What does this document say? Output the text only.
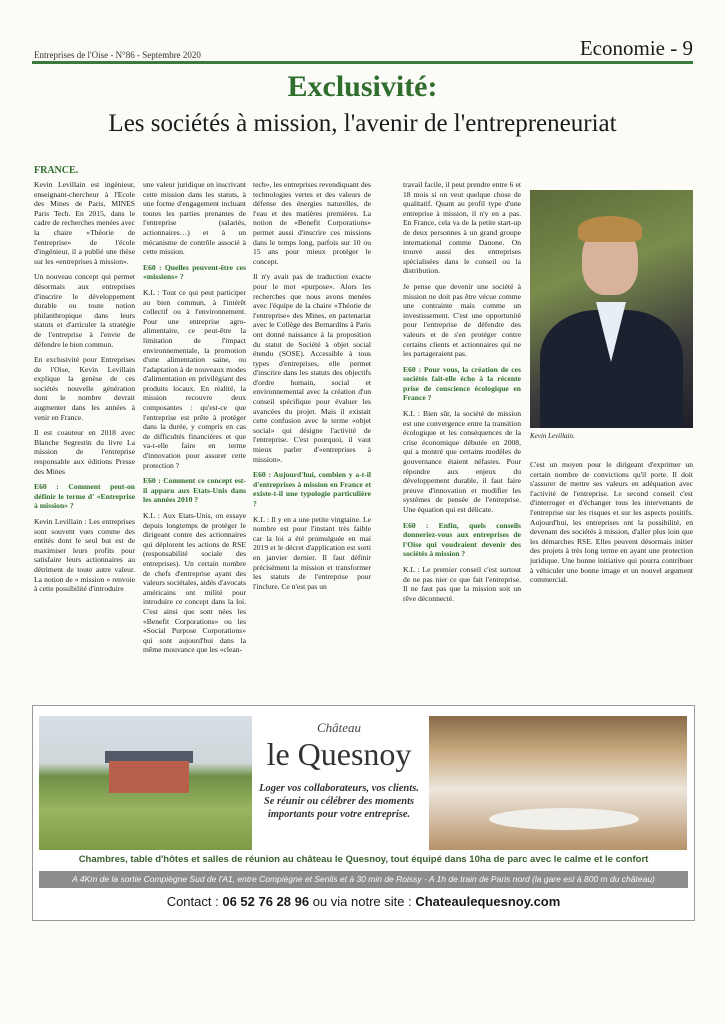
Entreprises de l'Oise - N°86 - Septembre 2020	Economie - 9
Exclusivité:
Les sociétés à mission, l'avenir de l'entrepreneuriat
FRANCE.

Kevin Levillain est ingénieur, enseignant-chercheur à l'Ecole des Mines de Paris, MINES Paris Tech. En 2015, dans le cadre de recherches menées avec la chaire «Théorie de l'entreprise» de l'école d'ingénieur, il a publié une thèse sur les «entreprises à mission».

Un nouveau concept qui permet désormais aux entreprises d'inscrire le développement durable ou toute notion philanthropique dans leurs statuts et d'articuler la stratégie de l'entreprise à l'envie de défendre le bien commun.

En exclusivité pour Entreprises de l'Oise, Kevin Levillain explique la genèse de ces sociétés nouvelle génération dont le nombre devrait augmenter dans les années à venir en France.

Il est coauteur en 2018 avec Blanche Segrestin du livre La mission de l'entreprise responsable aux éditions Presse des Mines

E60 : Comment peut-on définir le terme d' «Entreprise à mission» ?

Kevin Levillain : Les entreprises sont souvent vues comme des entités dont le seul but est de maximiser leurs profits pour satisfaire leurs actionnaires au détriment de toute autre valeur. La notion de « mission » renvoie à cette possibilité d'introduire

une valeur juridique en inscrivant cette mission dans les statuts, à une forme d'engagement incluant toutes les parties prenantes de l'entreprise (salariés, actionnaires…) et à un mécanisme de contrôle associé à cette mission.

E60 : Quelles peuvent-être ces «missions» ?

K.L : Tout ce qui peut participer au bien commun, à l'intérêt collectif ou à l'environnement. Pour une entreprise agro-alimentaire, ce peut-être la limitation de l'impact environnementale, la promotion d'une alimentation saine, ou l'adaptation à de nouveaux modes d'alimentation en privilégiant des produits locaux. En réalité, la mission recouvre deux composantes : qu'est-ce que l'entreprise est prête à protéger dans la durée, y compris en cas de difficultés financières et que va-t-elle faire en terme d'innovation pour assurer cette protection ?

E60 : Comment ce concept est-il apparu aux Etats-Unis dans les années 2010 ?

K.L : Aux Etats-Unis, on essaye depuis longtemps de protéger le dirigeant contre des actionnaires qui déplorent les actions de RSE (responsabilité sociale des entreprises). Un certain nombre de chefs d'entreprise ayant des valeurs sociétales, aidés d'avocats américains ont milité pour introduire ce concept dans la loi. C'est ainsi que sont nées les «Benefit Corporations» ou les «Social Purpose Corporations» qui sont aujourd'hui dans la même mouvance que les «clean-

tech», les entreprises revendiquant des technologies vertes et des valeurs de défense des énergies naturelles, de l'eau et des matières premières. La notion de «Benefit Corporations» permet aussi d'inscrire ces missions dans le temps long, parfois sur 10 ou 15 ans pour mieux protéger le concept.

Il n'y avait pas de traduction exacte pour le mot «purpose». Alors les recherches que nous avons menées avec l'équipe de la chaire «Théorie de l'entreprise» des Mines, en partenariat avec le Collège des Bernardins à Paris ont donné naissance à la proposition du statut de Société à objet social étendu (SOSE). Accessible à tous types d'entreprises, elle permet d'inscrire dans les statuts des objectifs d'ordre humain, social et environnemental avec la création d'un conseil spécifique pour évaluer les avancées du projet. Mais il existait cette confusion avec le terme «objet social» qui désigne l'activité de l'entreprise. C'est pourquoi, il vaut mieux parler d'«entreprises à mission».

E60 : Aujourd'hui, combien y a-t-il d'entreprises à mission en France et existe-t-il une typologie particulière ?

K.L : Il y en a une petite vingtaine. Le nombre est pour l'instant très faible car la loi a été promulguée en mai 2019 et le décret d'application est sorti en janvier dernier. Il faut définir précisément la mission et transformer les statuts de l'entreprise pour l'inclure. Ce n'est pas un

travail facile, il peut prendre entre 6 et 18 mois si on veut quelque chose de qualitatif. Quant au profil type d'une entreprise à mission, il n'y en a pas. En France, cela va de la petite start-up de deux personnes à un grand groupe international comme Danone. On trouve aussi des entreprises spécialisées dans le conseil ou la distribution.

Je pense que devenir une société à mission ne doit pas être vécue comme une contrainte mais comme un investissement. C'est une opportunité pour l'entreprise de défendre des valeurs et de s'en protéger contre certains clients et actionnaires qui ne les partageraient pas.

E60 : Pour vous, la création de ces sociétés fait-elle écho à la récente prise de conscience écologique en France ?

K.L : Bien sûr, la société de mission est une convergence entre la transition écologique et les conséquences de la crise économique débutée en 2008, qui a montré que certains modèles de gouvernance étaient néfastes. Pour répondre aux enjeux du développement durable, il faut faire preuve d'innovation et modifier les systèmes de pensée de l'entreprise. Une équation qui est délicate.

E60 : Enfin, quels conseils donneriez-vous aux entreprises de l'Oise qui voudraient devenir des sociétés à mission ?

K.L : Le premier conseil c'est surtout de ne pas nier ce que fait l'entreprise. Il ne faut pas que la mission soit un rêve déconnecté.

Kevin Levillain.

C'est un moyen pour le dirigeant d'exprimer un certain nombre de convictions qu'il porte. Il doit s'assurer de mettre ses valeurs en adéquation avec l'activité de l'entreprise. Le second conseil c'est d'interroger et d'échanger tous les intervenants de l'entreprise sur les risques et sur les aspects positifs. Aujourd'hui, les entreprises ont la possibilité, en devenant des sociétés à mission, d'aller plus loin que les démarches RSE. Elles peuvent désormais initier des projets à très long terme en ayant une protection juridique. Une bonne initiative qui pourra contribuer à véhiculer une bonne image et un nouvel argument commercial.

Château
le Quesnoy
Loger vos collaborateurs, vos clients. Se réunir ou célébrer des moments importants pour votre entreprise.
Chambres, table d'hôtes et salles de réunion au château le Quesnoy, tout équipé dans 10ha de parc avec le calme et le confort
A 4Km de la sortie Compiègne Sud de l'A1, entre Compiègne et Senlis et à 30 min de Roissy - A 1h de train de Paris nord (la gare est à 800 m du château)
Contact : 06 52 76 28 96 ou via notre site : Chateaulequesnoy.com
